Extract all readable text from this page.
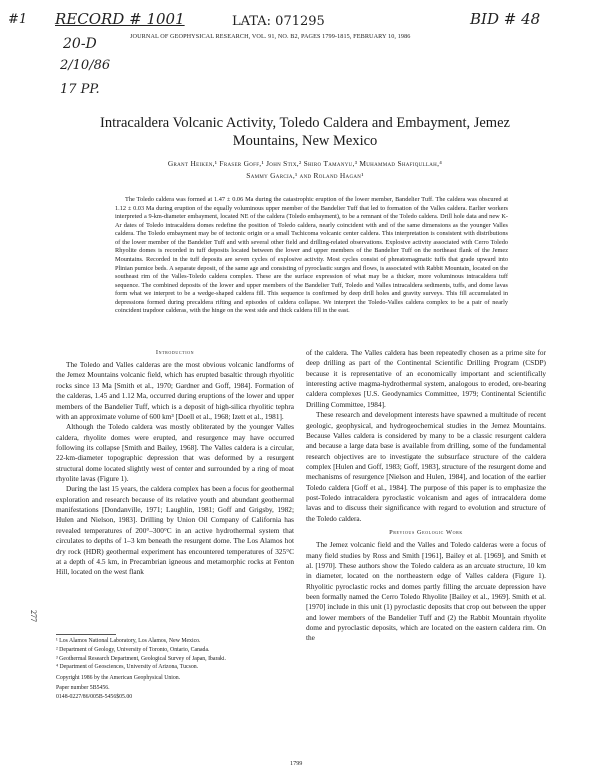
#1 RECORD # 1001
20-D
2/10/86
17 PP.
LATA: 071295	BID # 48
JOURNAL OF GEOPHYSICAL RESEARCH, VOL. 91, NO. B2, PAGES 1799-1815, FEBRUARY 10, 1986
Intracaldera Volcanic Activity, Toledo Caldera and Embayment, Jemez Mountains, New Mexico
Grant Heiken,¹ Fraser Goff,¹ John Stix,² Shiro Tamanyu,³ Muhammad Shafiqullah,⁴
Sammy Garcia,¹ and Roland Hagan¹
The Toledo caldera was formed at 1.47 ± 0.06 Ma during the catastrophic eruption of the lower member, Bandelier Tuff. The caldera was obscured at 1.12 ± 0.03 Ma during eruption of the equally voluminous upper member of the Bandelier Tuff that led to formation of the Valles caldera. Earlier workers interpreted a 9-km-diameter embayment, located NE of the caldera (Toledo embayment), to be a remnant of the Toledo caldera. Drill hole data and new K-Ar dates of Toledo intracaldera domes redefine the position of Toledo caldera, nearly coincident with and of the same dimensions as the younger Valles caldera. The Toledo embayment may be of tectonic origin or a small Tschicoma volcanic center caldera. This interpretation is consistent with distributions of the lower member of the Bandelier Tuff and with several other field and drilling-related observations. Explosive activity associated with Cerro Toledo Rhyolite domes is recorded in tuff deposits located between the lower and upper members of the Bandelier Tuff on the northeast flank of the Jemez Mountains. Recorded in the tuff deposits are seven cycles of explosive activity. Most cycles consist of phreatomagmatic tuffs that grade upward into Plinian pumice beds. A separate deposit, of the same age and consisting of pyroclastic surges and flows, is associated with Rabbit Mountain, located on the southeast rim of the Valles-Toledo caldera complex. These are the surface expression of what may be a thicker, more voluminous intracaldera tuff sequence. The combined deposits of the lower and upper members of the Bandelier Tuff, Toledo and Valles intracaldera sediments, tuffs, and dome lavas form what we interpret to be a wedge-shaped caldera fill. This sequence is confirmed by deep drill holes and gravity surveys. This fill accumulated in depressions formed during precaldera rifting and episodes of caldera collapse. We interpret the Toledo-Valles caldera complex to be a pair of nearly coincident trapdoor calderas, with the hinge on the west side and thick caldera fill in the east.
Introduction

The Toledo and Valles calderas are the most obvious volcanic landforms of the Jemez Mountains volcanic field, which has erupted basaltic through rhyolitic rocks since 13 Ma [Smith et al., 1970; Gardner and Goff, 1984]. Formation of the calderas, 1.45 and 1.12 Ma, occurred during eruptions of the lower and upper members of the Bandelier Tuff, which is a deposit of high-silica rhyolitic tephra with an approximate volume of 600 km³ [Doell et al., 1968; Izett et al., 1981].

Although the Toledo caldera was mostly obliterated by the younger Valles caldera, rhyolite domes were erupted, and resurgence may have occurred following its collapse [Smith and Bailey, 1968]. The Valles caldera is a circular, 22-km-diameter topographic depression that was deformed by a resurgent structural dome located slightly west of center and surrounded by a ring of moat rhyolite lavas (Figure 1).

During the last 15 years, the caldera complex has been a focus for geothermal exploration and research because of its relative youth and abundant geothermal manifestations [Dondanville, 1971; Laughlin, 1981; Goff and Grigsby, 1982; Hulen and Nielson, 1983]. Drilling by Union Oil Company of California has revealed temperatures of 200°–300°C in an active hydrothermal system that circulates to depths of 1–3 km beneath the resurgent dome. The Los Alamos hot dry rock (HDR) geothermal experiment has encountered temperatures of 325°C at a depth of 4.5 km, in Precambrian igneous and metamorphic rocks at Fenton Hill, located on the west flank

of the caldera. The Valles caldera has been repeatedly chosen as a prime site for deep drilling as part of the Continental Scientific Drilling Program (CSDP) because it is representative of an economically important and scientifically interesting active magma-hydrothermal system, analogous to eroded, ore-bearing caldera complexes [U.S. Geodynamics Committee, 1979; Continental Scientific Drilling Committee, 1984].

These research and development interests have spawned a multitude of recent geologic, geophysical, and hydrogeochemical studies in the Jemez Mountains. Because Valles caldera is considered by many to be a classic resurgent caldera and because a large data base is available from drilling, some of the fundamental research objectives are to investigate the subsurface structure of the caldera complex [Hulen and Goff, 1983; Goff, 1983], structure of the resurgent dome and mechanisms of resurgence [Nielson and Hulen, 1984], and location of the earlier Toledo caldera [Goff et al., 1984]. The purpose of this paper is to emphasize the post-Toledo intracaldera pyroclastic volcanism and ages of intracaldera dome lavas and to discuss their significance with regard to evolution and structure of the Toledo caldera.

Previous Geologic Work

The Jemez volcanic field and the Valles and Toledo calderas were a focus of many field studies by Ross and Smith [1961], Bailey et al. [1969], and Smith et al. [1970]. These authors show the Toledo caldera as an arcuate structure, 10 km in diameter, located on the northeastern edge of Valles caldera (Figure 1). Rhyolitic pyroclastic rocks and domes partly filling the arcuate depression have been formally named the Cerro Toledo Rhyolite [Bailey et al., 1969]. Smith et al. [1970] include in this unit (1) pyroclastic deposits that crop out between the upper and lower members of the Bandelier Tuff and (2) the Rabbit Mountain rhyolite dome and pyroclastic deposits, which are located on the eastern caldera rim. On the

¹ Los Alamos National Laboratory, Los Alamos, New Mexico.
² Department of Geology, University of Toronto, Ontario, Canada.
³ Geothermal Research Department, Geological Survey of Japan, Ibaraki.
⁴ Department of Geosciences, University of Arizona, Tucson.
Copyright 1986 by the American Geophysical Union.
Paper number 5B5456.
0148-0227/86/005B-5456$05.00
277
1799
